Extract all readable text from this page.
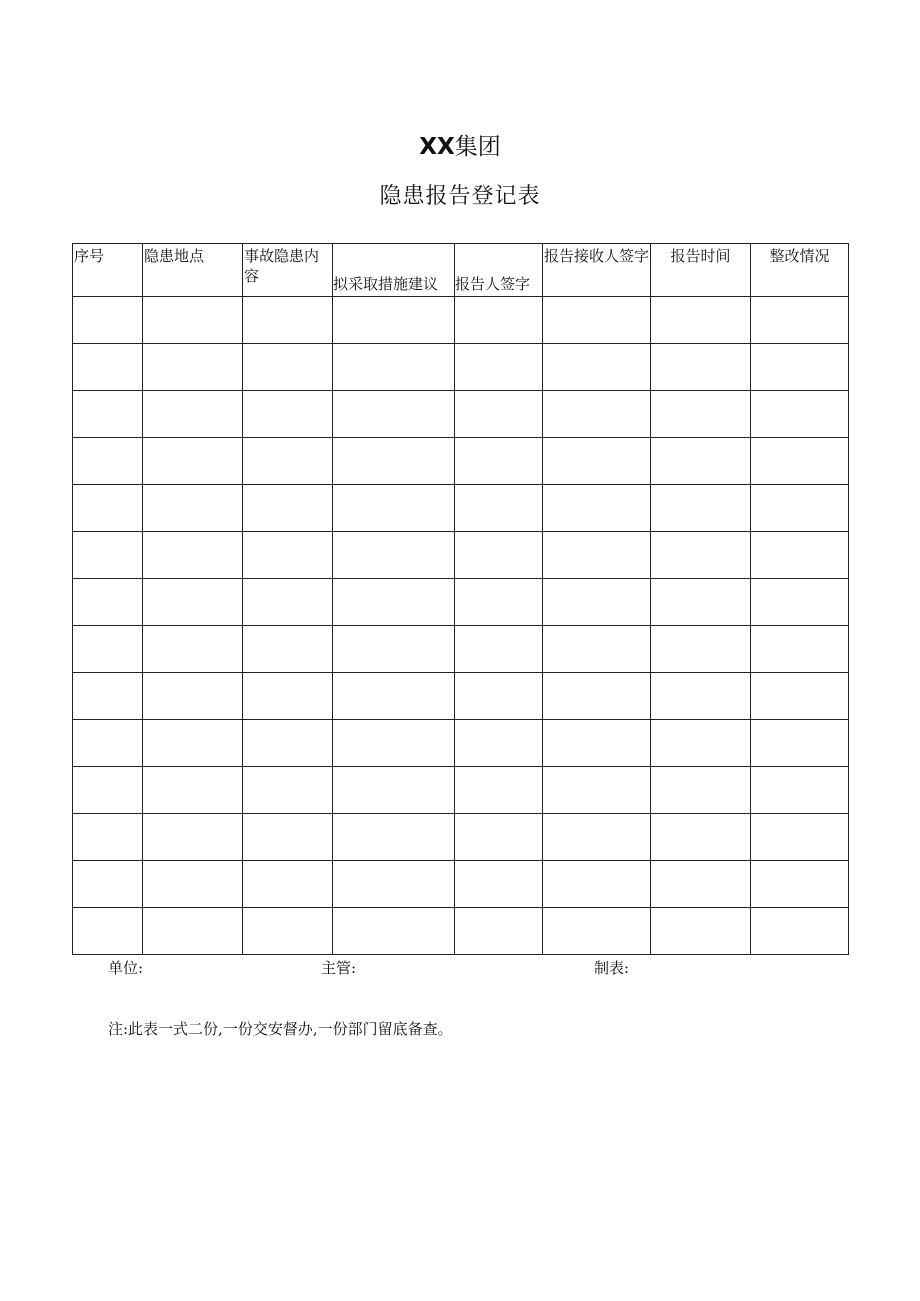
XX集团
隐患报告登记表
序号	隐患地点	事故隐患内容	拟采取措施建议	报告人签字	报告接收人签字	报告时间	整改情况

单位:	主管:	制表:
注:此表一式二份,一份交安督办,一份部门留底备查。
